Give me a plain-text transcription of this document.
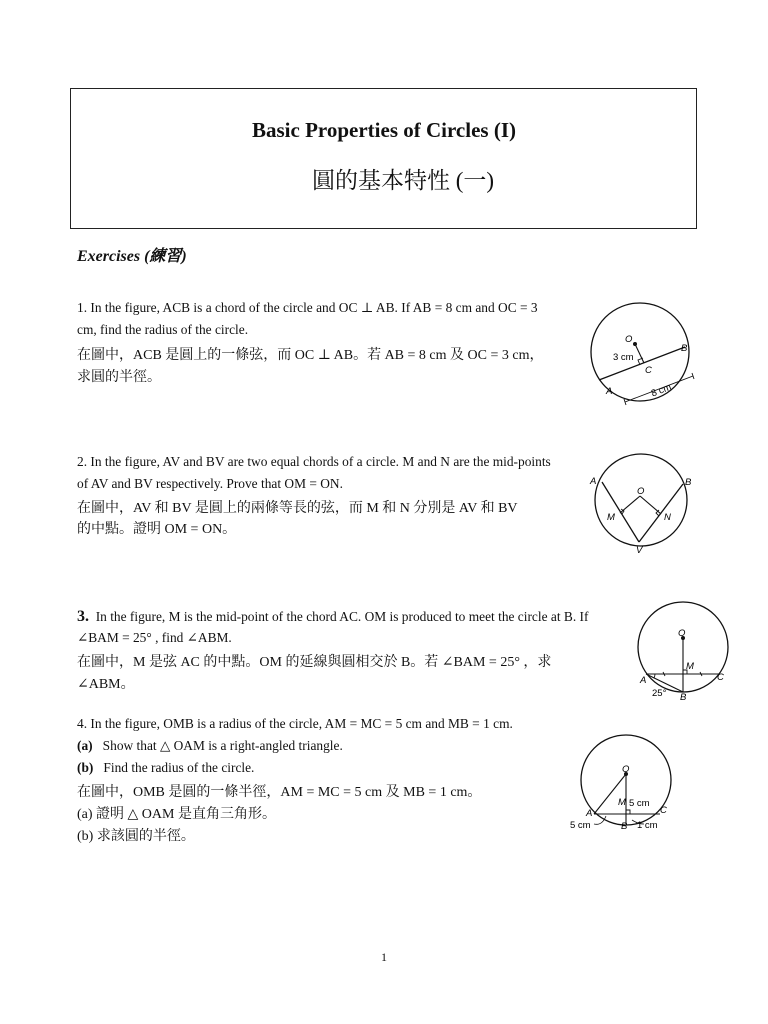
Basic Properties of Circles (I)
圓的基本特性 (一)
Exercises (練習)
1. In the figure, ACB is a chord of the circle and OC ⊥ AB. If AB = 8 cm and OC = 3
cm, find the radius of the circle.
在圖中，ACB 是圓上的一條弦，而 OC ⊥ AB。若 AB = 8 cm 及 OC = 3 cm，
求圓的半徑。
O
A
B
C
3 cm
8 cm
2. In the figure, AV and BV are two equal chords of a circle. M and N are the mid-points
of AV and BV respectively. Prove that OM = ON.
在圖中，AV 和 BV 是圓上的兩條等長的弦，而 M 和 N 分別是 AV 和 BV
的中點。證明 OM = ON。
A	B
O
M	N
V
3. In the figure, M is the mid-point of the chord AC. OM is produced to meet the circle at B. If
∠BAM = 25° , find ∠ABM.
在圖中，M 是弦 AC 的中點。OM 的延線與圓相交於 B。若 ∠BAM = 25° ，求
∠ABM。
O
M
A
B
C
25°
4. In the figure, OMB is a radius of the circle, AM = MC = 5 cm and MB = 1 cm.
(a) Show that △ OAM is a right-angled triangle.
(b) Find the radius of the circle.
在圖中，OMB 是圓的一條半徑，AM = MC = 5 cm 及 MB = 1 cm。
(a) 證明 △ OAM 是直角三角形。
(b) 求該圓的半徑。
O
M
A	C
B
5 cm
5 cm	1 cm
1
